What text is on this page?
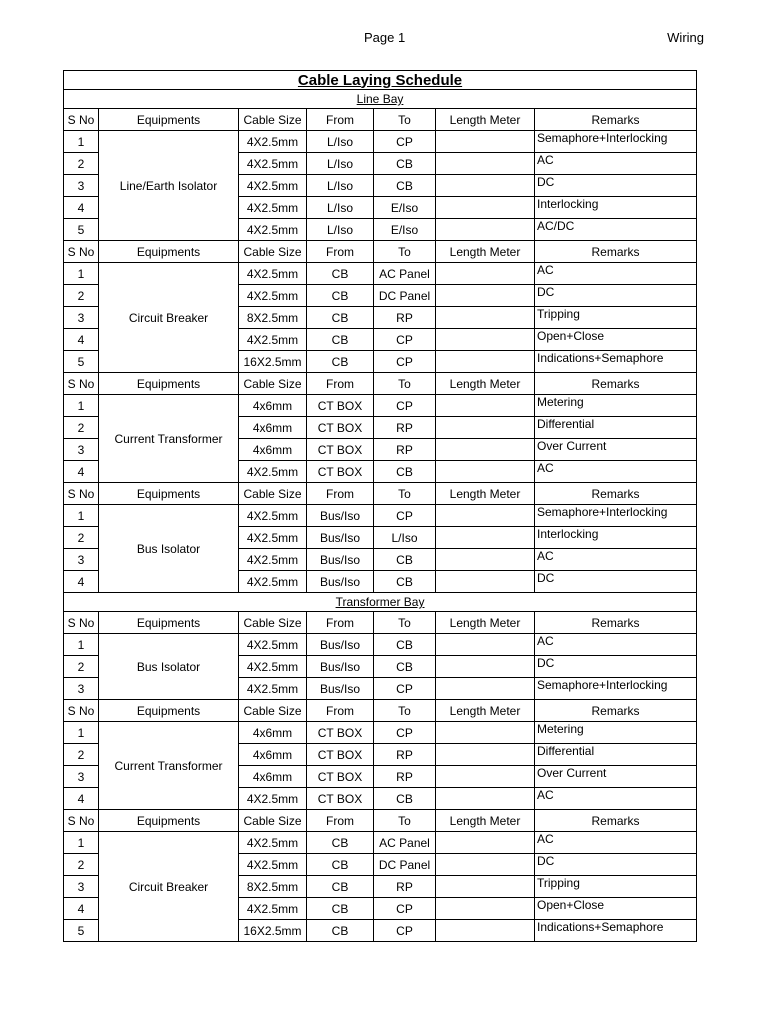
Page 1	Wiring
Cable Laying Schedule						
Line Bay						
S No	Equipments	Cable Size	From	To	Length Meter	Remarks
1	Line/Earth Isolator	4X2.5mm	L/Iso	CP		Semaphore+Interlocking
2		4X2.5mm	L/Iso	CB		AC
3		4X2.5mm	L/Iso	CB		DC
4		4X2.5mm	L/Iso	E/Iso		Interlocking
5		4X2.5mm	L/Iso	E/Iso		AC/DC
S No	Equipments	Cable Size	From	To	Length Meter	Remarks
1	Circuit Breaker	4X2.5mm	CB	AC Panel		AC
2		4X2.5mm	CB	DC Panel		DC
3		8X2.5mm	CB	RP		Tripping
4		4X2.5mm	CB	CP		Open+Close
5		16X2.5mm	CB	CP		Indications+Semaphore
S No	Equipments	Cable Size	From	To	Length Meter	Remarks
1	Current Transformer	4x6mm	CT BOX	CP		Metering
2		4x6mm	CT BOX	RP		Differential
3		4x6mm	CT BOX	RP		Over Current
4		4X2.5mm	CT BOX	CB		AC
S No	Equipments	Cable Size	From	To	Length Meter	Remarks
1	Bus Isolator	4X2.5mm	Bus/Iso	CP		Semaphore+Interlocking
2		4X2.5mm	Bus/Iso	L/Iso		Interlocking
3		4X2.5mm	Bus/Iso	CB		AC
4		4X2.5mm	Bus/Iso	CB		DC
Transformer Bay						
S No	Equipments	Cable Size	From	To	Length Meter	Remarks
1	Bus Isolator	4X2.5mm	Bus/Iso	CB		AC
2		4X2.5mm	Bus/Iso	CB		DC
3		4X2.5mm	Bus/Iso	CP		Semaphore+Interlocking
S No	Equipments	Cable Size	From	To	Length Meter	Remarks
1	Current Transformer	4x6mm	CT BOX	CP		Metering
2		4x6mm	CT BOX	RP		Differential
3		4x6mm	CT BOX	RP		Over Current
4		4X2.5mm	CT BOX	CB		AC
S No	Equipments	Cable Size	From	To	Length Meter	Remarks
1	Circuit Breaker	4X2.5mm	CB	AC Panel		AC
2		4X2.5mm	CB	DC Panel		DC
3		8X2.5mm	CB	RP		Tripping
4		4X2.5mm	CB	CP		Open+Close
5		16X2.5mm	CB	CP		Indications+Semaphore
